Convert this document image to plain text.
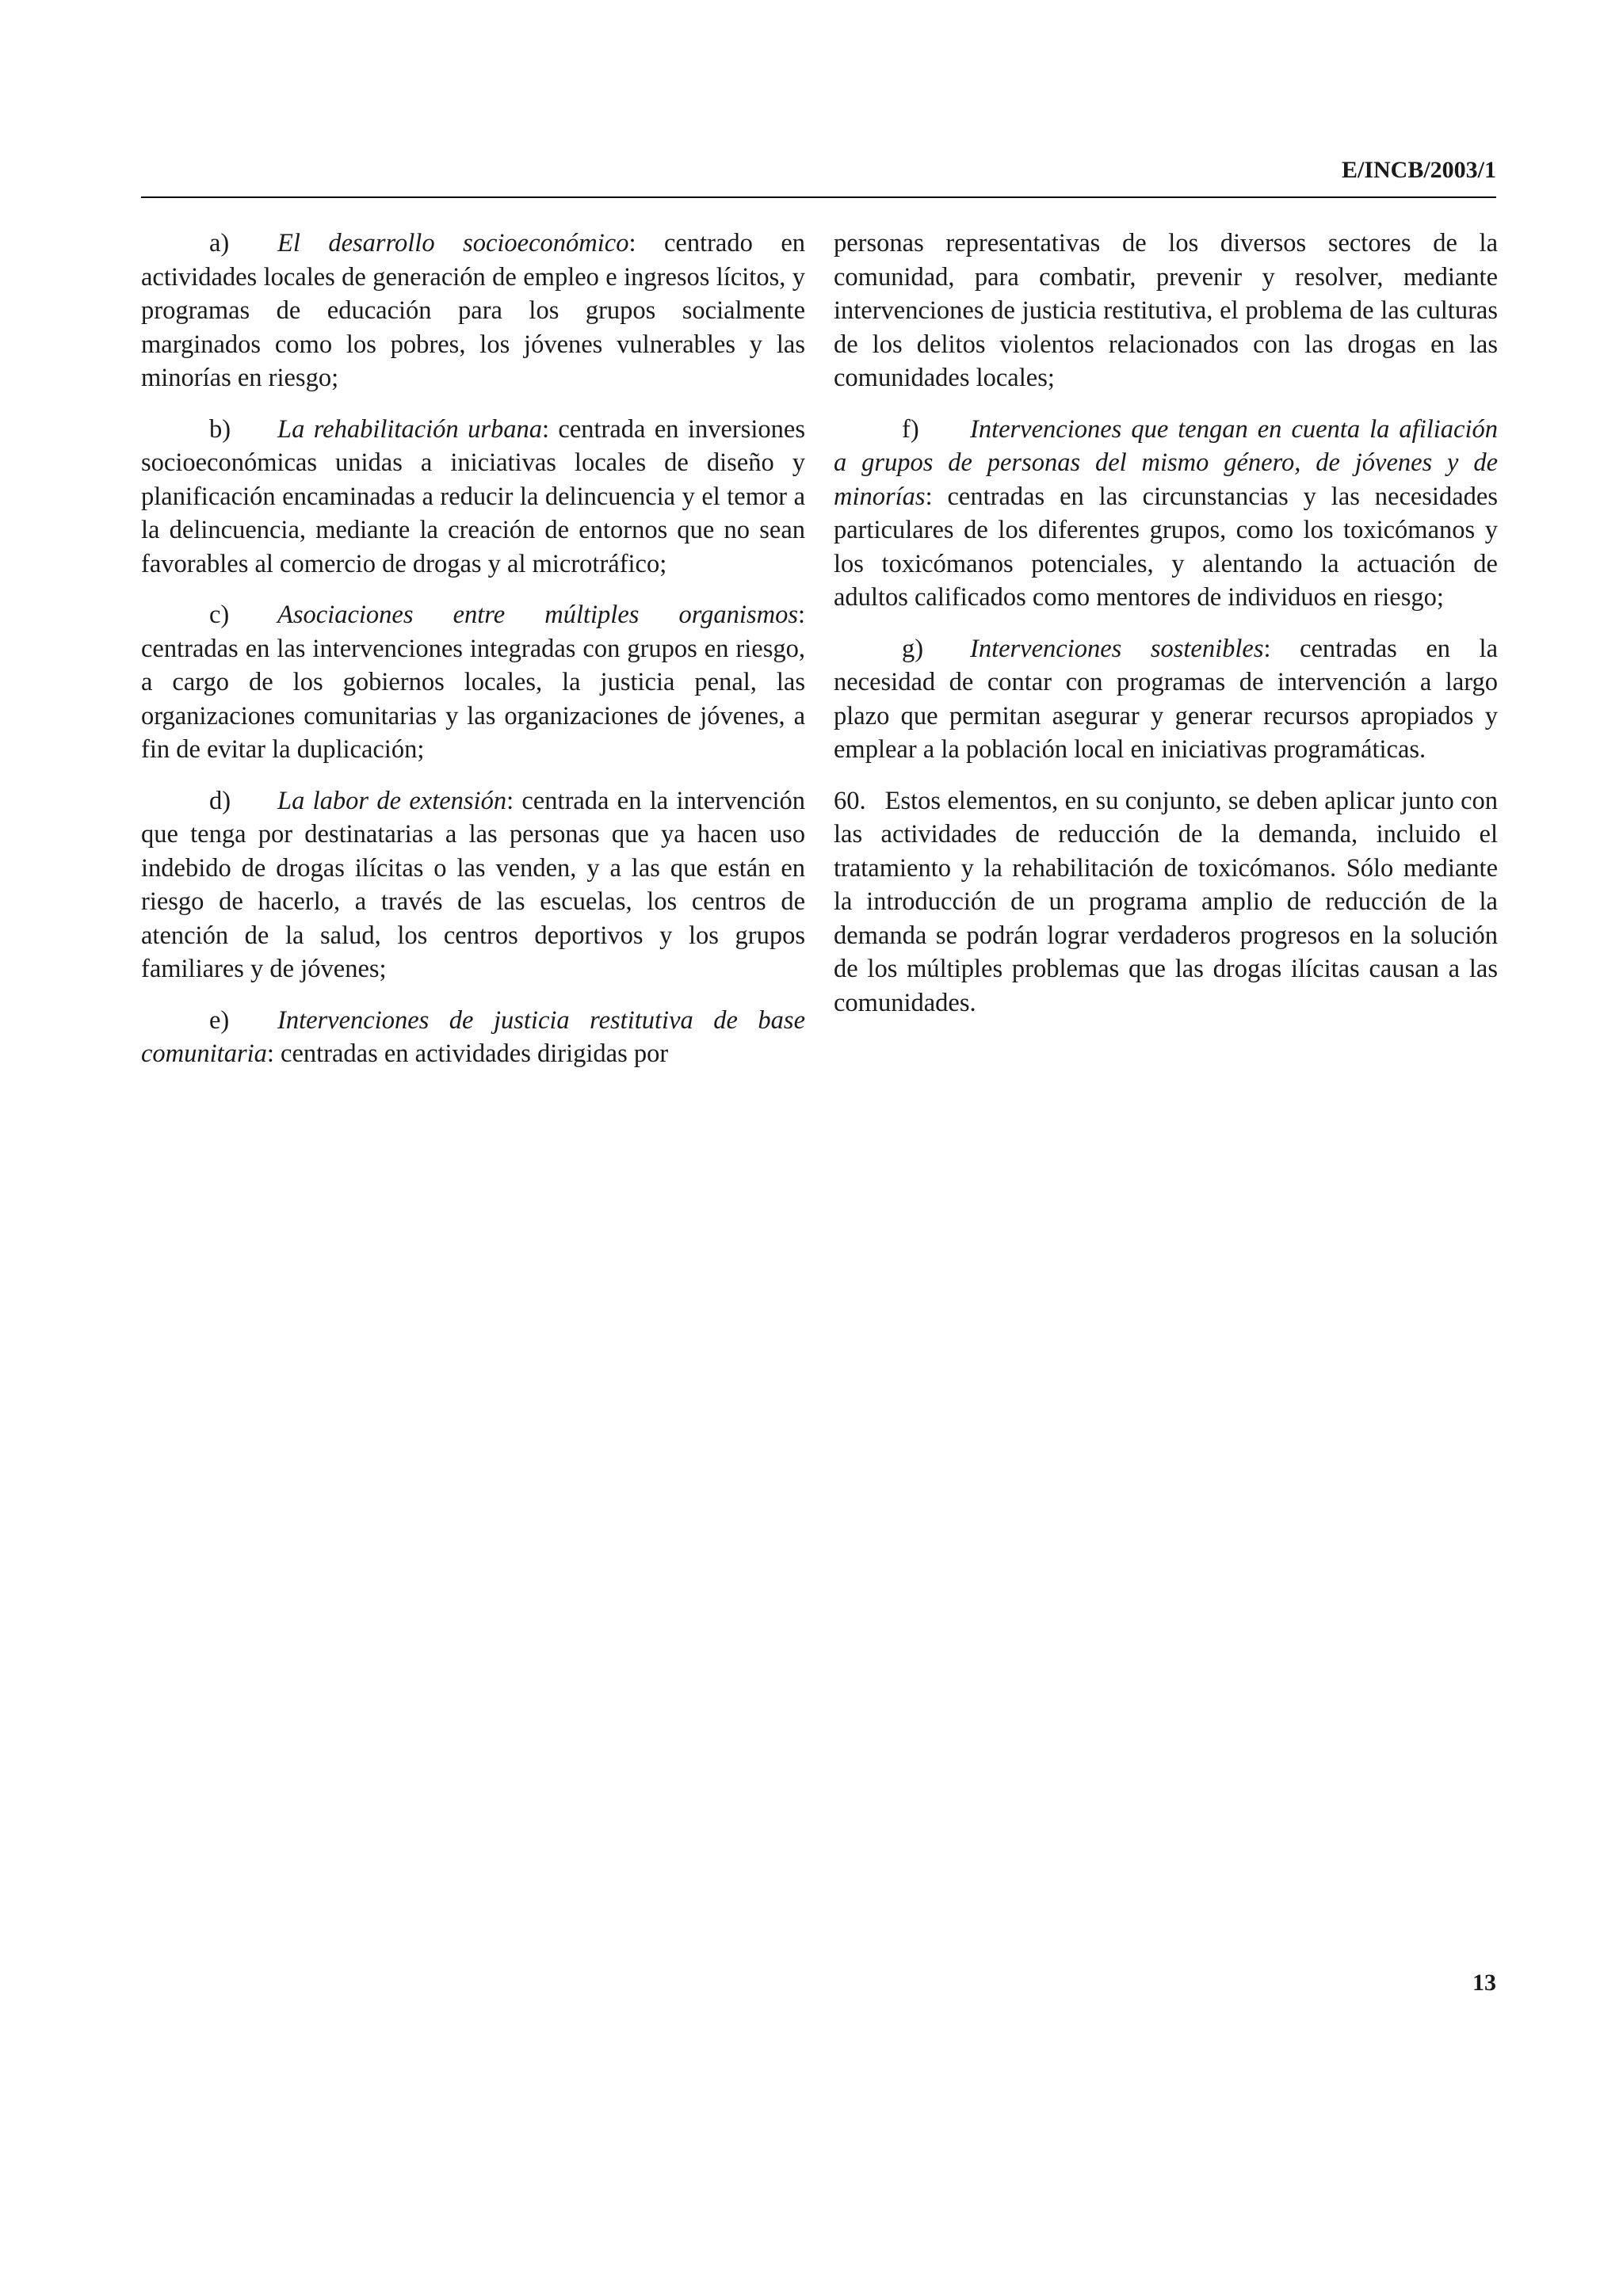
E/INCB/2003/1

a) El desarrollo socioeconómico: centrado en actividades locales de generación de empleo e ingresos lícitos, y programas de educación para los grupos socialmente marginados como los pobres, los jóvenes vulnerables y las minorías en riesgo;

b) La rehabilitación urbana: centrada en inversiones socioeconómicas unidas a iniciativas locales de diseño y planificación encaminadas a reducir la delincuencia y el temor a la delincuencia, mediante la creación de entornos que no sean favorables al comercio de drogas y al microtráfico;

c) Asociaciones entre múltiples organismos: centradas en las intervenciones integradas con grupos en riesgo, a cargo de los gobiernos locales, la justicia penal, las organizaciones comunitarias y las organizaciones de jóvenes, a fin de evitar la duplicación;

d) La labor de extensión: centrada en la intervención que tenga por destinatarias a las personas que ya hacen uso indebido de drogas ilícitas o las venden, y a las que están en riesgo de hacerlo, a través de las escuelas, los centros de atención de la salud, los centros deportivos y los grupos familiares y de jóvenes;

e) Intervenciones de justicia restitutiva de base comunitaria: centradas en actividades dirigidas por

personas representativas de los diversos sectores de la comunidad, para combatir, prevenir y resolver, mediante intervenciones de justicia restitutiva, el problema de las culturas de los delitos violentos relacionados con las drogas en las comunidades locales;

f) Intervenciones que tengan en cuenta la afiliación a grupos de personas del mismo género, de jóvenes y de minorías: centradas en las circunstancias y las necesidades particulares de los diferentes grupos, como los toxicómanos y los toxicómanos potenciales, y alentando la actuación de adultos calificados como mentores de individuos en riesgo;

g) Intervenciones sostenibles: centradas en la necesidad de contar con programas de intervención a largo plazo que permitan asegurar y generar recursos apropiados y emplear a la población local en iniciativas programáticas.

60. Estos elementos, en su conjunto, se deben aplicar junto con las actividades de reducción de la demanda, incluido el tratamiento y la rehabilitación de toxicómanos. Sólo mediante la introducción de un programa amplio de reducción de la demanda se podrán lograr verdaderos progresos en la solución de los múltiples problemas que las drogas ilícitas causan a las comunidades.

13
